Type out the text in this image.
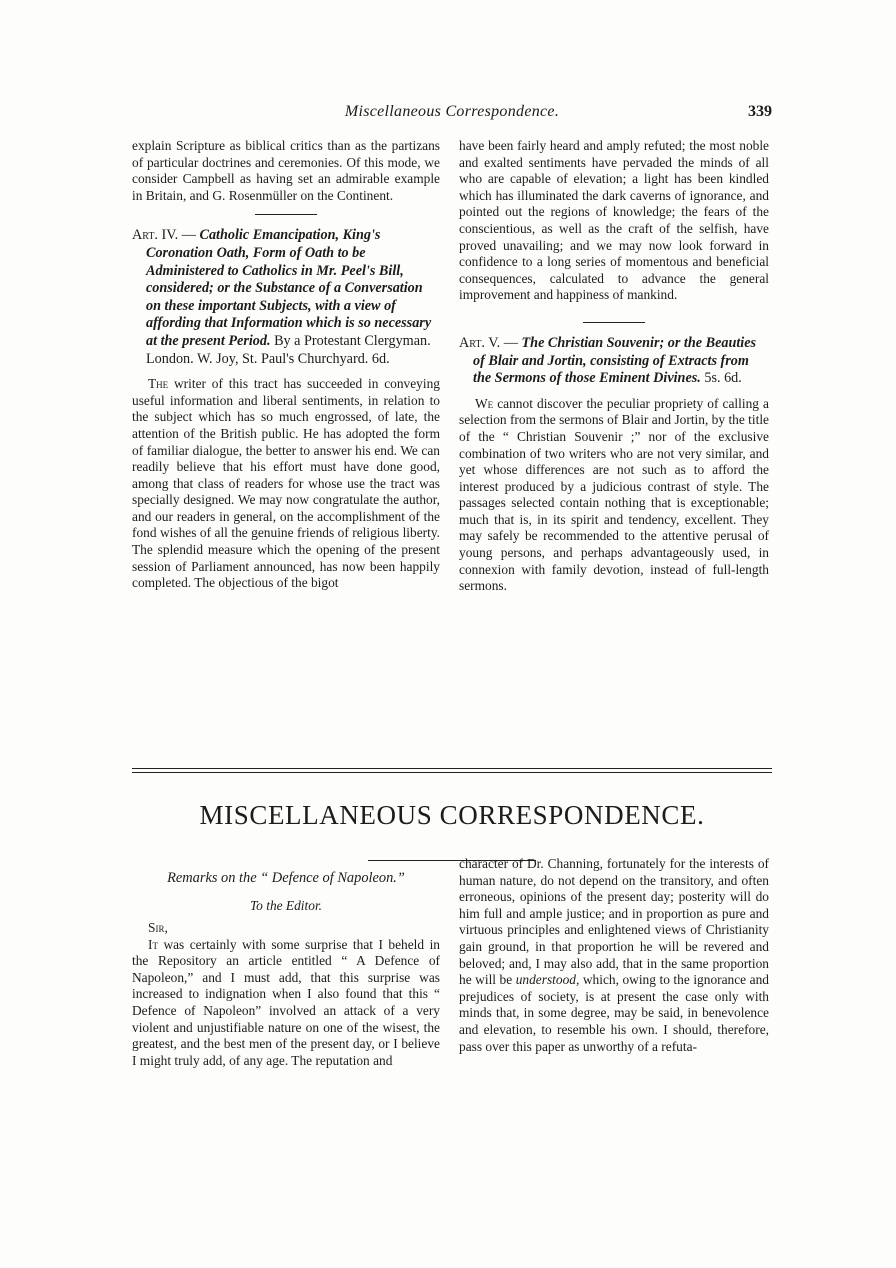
Miscellaneous Correspondence.	339

explain Scripture as biblical critics than as the partizans of particular doctrines and ceremonies. Of this mode, we consider Campbell as having set an admirable example in Britain, and G. Rosenmüller on the Continent.

Art. IV. — Catholic Emancipation, King's Coronation Oath, Form of Oath to be Administered to Catholics in Mr. Peel's Bill, considered; or the Substance of a Conversation on these important Subjects, with a view of affording that Information which is so necessary at the present Period. By a Protestant Clergyman. London. W. Joy, St. Paul's Churchyard. 6d.

The writer of this tract has succeeded in conveying useful information and liberal sentiments, in relation to the subject which has so much engrossed, of late, the attention of the British public. He has adopted the form of familiar dialogue, the better to answer his end. We can readily believe that his effort must have done good, among that class of readers for whose use the tract was specially designed. We may now congratulate the author, and our readers in general, on the accomplishment of the fond wishes of all the genuine friends of religious liberty. The splendid measure which the opening of the present session of Parliament announced, has now been happily completed. The objectious of the bigot

have been fairly heard and amply refuted; the most noble and exalted sentiments have pervaded the minds of all who are capable of elevation; a light has been kindled which has illuminated the dark caverns of ignorance, and pointed out the regions of knowledge; the fears of the conscientious, as well as the craft of the selfish, have proved unavailing; and we may now look forward in confidence to a long series of momentous and beneficial consequences, calculated to advance the general improvement and happiness of mankind.

Art. V. — The Christian Souvenir; or the Beauties of Blair and Jortin, consisting of Extracts from the Sermons of those Eminent Divines. 5s. 6d.

We cannot discover the peculiar propriety of calling a selection from the sermons of Blair and Jortin, by the title of the “ Christian Souvenir ;” nor of the exclusive combination of two writers who are not very similar, and yet whose differences are not such as to afford the interest produced by a judicious contrast of style. The passages selected contain nothing that is exceptionable; much that is, in its spirit and tendency, excellent. They may safely be recommended to the attentive perusal of young persons, and perhaps advantageously used, in connexion with family devotion, instead of full-length sermons.

MISCELLANEOUS CORRESPONDENCE.

Remarks on the “ Defence of Napoleon.”

To the Editor.

Sir,

It was certainly with some surprise that I beheld in the Repository an article entitled “ A Defence of Napoleon,” and I must add, that this surprise was increased to indignation when I also found that this “ Defence of Napoleon” involved an attack of a very violent and unjustifiable nature on one of the wisest, the greatest, and the best men of the present day, or I believe I might truly add, of any age. The reputation and

character of Dr. Channing, fortunately for the interests of human nature, do not depend on the transitory, and often erroneous, opinions of the present day; posterity will do him full and ample justice; and in proportion as pure and virtuous principles and enlightened views of Christianity gain ground, in that proportion he will be revered and beloved; and, I may also add, that in the same proportion he will be understood, which, owing to the ignorance and prejudices of society, is at present the case only with minds that, in some degree, may be said, in benevolence and elevation, to resemble his own. I should, therefore, pass over this paper as unworthy of a refuta-
